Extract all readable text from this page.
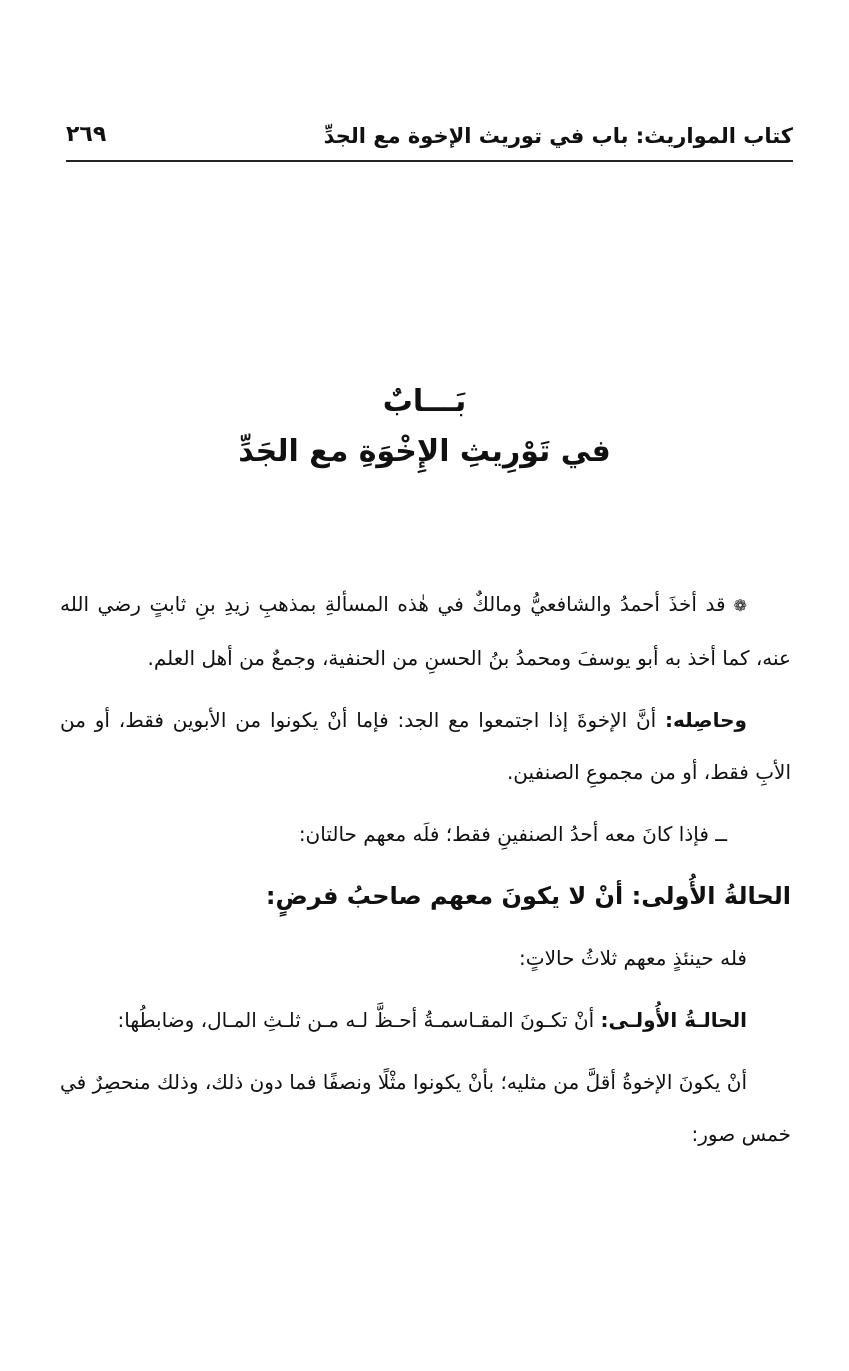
كتاب المواريث: باب في توريث الإخوة مع الجدِّ
٢٦٩
بَـــابٌ
في تَوْرِيثِ الإِخْوَةِ مع الجَدِّ

❁قد أخذَ أحمدُ والشافعيُّ ومالكٌ في هٰذه المسألةِ بمذهبِ زيدِ بنِ ثابتٍ رضي الله عنه، كما أخذ به أبو يوسفَ ومحمدُ بنُ الحسنِ من الحنفية، وجمعٌ من أهل العلم.

وحاصِله: أنَّ الإخوةَ إذا اجتمعوا مع الجد: فإما أنْ يكونوا من الأبوين فقط، أو من الأبِ فقط، أو من مجموعِ الصنفين.

ــ فإذا كانَ معه أحدُ الصنفينِ فقط؛ فلَه معهم حالتان:

الحالةُ الأُولى: أنْ لا يكونَ معهم صاحبُ فرضٍ:

فله حينئذٍ معهم ثلاثُ حالاتٍ:

الحالـةُ الأُولـى: أنْ تكـونَ المقـاسمـةُ أحـظَّ لـه مـن ثلـثِ المـال، وضابطُها:

أنْ يكونَ الإخوةُ أقلَّ من مثليه؛ بأنْ يكونوا مثْلًا ونصفًا فما دون ذلك، وذلك منحصِرٌ في خمس صور:
